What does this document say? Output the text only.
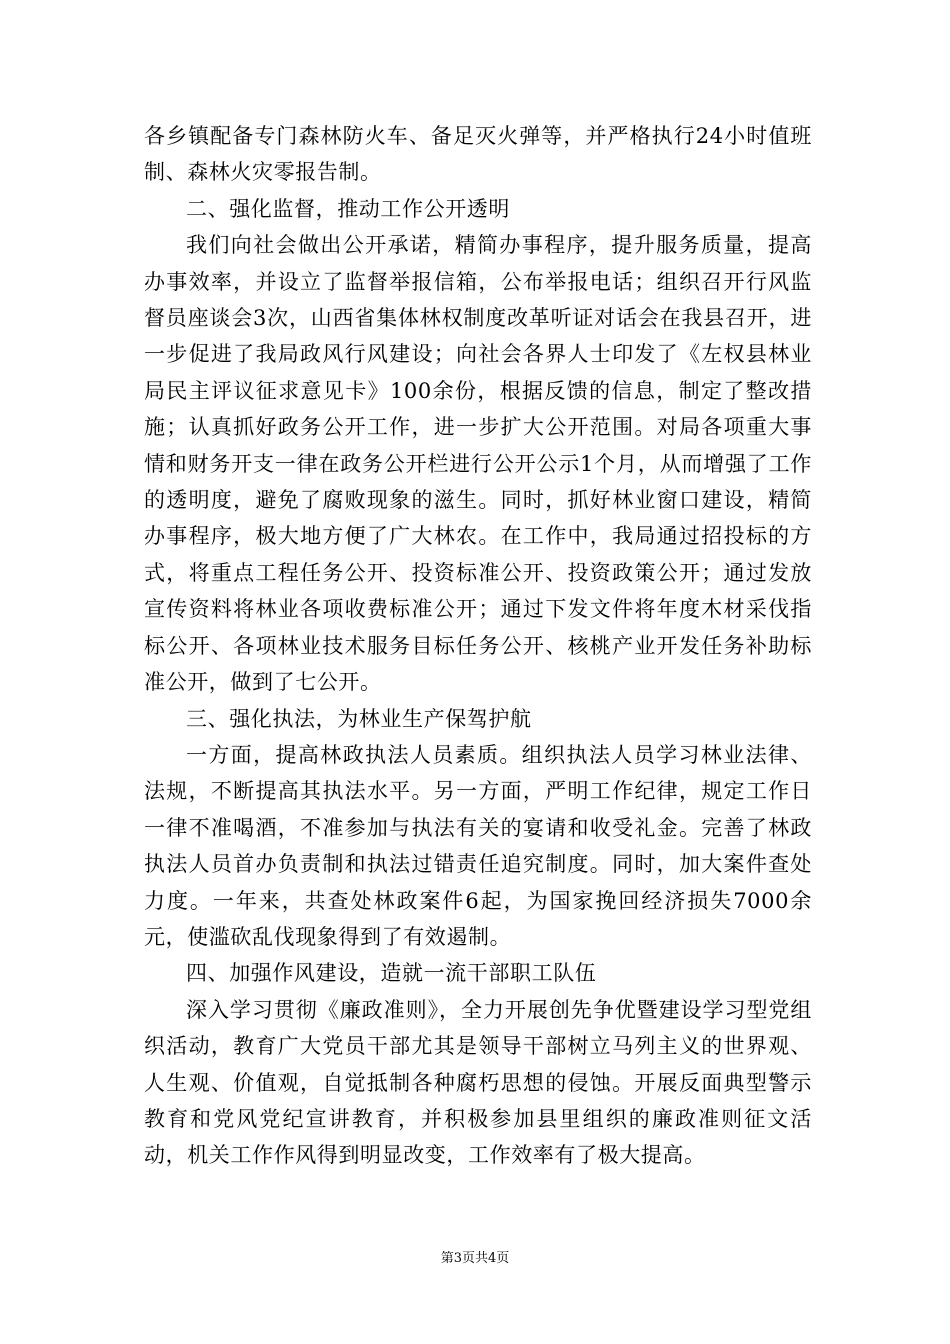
各乡镇配备专门森林防火车、备足灭火弹等，并严格执行24小时值班制、森林火灾零报告制。

二、强化监督，推动工作公开透明

我们向社会做出公开承诺，精简办事程序，提升服务质量，提高办事效率，并设立了监督举报信箱，公布举报电话；组织召开行风监督员座谈会3次，山西省集体林权制度改革听证对话会在我县召开，进一步促进了我局政风行风建设；向社会各界人士印发了《左权县林业局民主评议征求意见卡》100余份，根据反馈的信息，制定了整改措施；认真抓好政务公开工作，进一步扩大公开范围。对局各项重大事情和财务开支一律在政务公开栏进行公开公示1个月，从而增强了工作的透明度，避免了腐败现象的滋生。同时，抓好林业窗口建设，精简办事程序，极大地方便了广大林农。在工作中，我局通过招投标的方式，将重点工程任务公开、投资标准公开、投资政策公开；通过发放宣传资料将林业各项收费标准公开；通过下发文件将年度木材采伐指标公开、各项林业技术服务目标任务公开、核桃产业开发任务补助标准公开，做到了七公开。

三、强化执法，为林业生产保驾护航

一方面，提高林政执法人员素质。组织执法人员学习林业法律、法规，不断提高其执法水平。另一方面，严明工作纪律，规定工作日一律不准喝酒，不准参加与执法有关的宴请和收受礼金。完善了林政执法人员首办负责制和执法过错责任追究制度。同时，加大案件查处力度。一年来，共查处林政案件6起，为国家挽回经济损失7000余元，使滥砍乱伐现象得到了有效遏制。

四、加强作风建设，造就一流干部职工队伍

深入学习贯彻《廉政准则》，全力开展创先争优暨建设学习型党组织活动，教育广大党员干部尤其是领导干部树立马列主义的世界观、人生观、价值观，自觉抵制各种腐朽思想的侵蚀。开展反面典型警示教育和党风党纪宣讲教育，并积极参加县里组织的廉政准则征文活动，机关工作作风得到明显改变，工作效率有了极大提高。

第3页共4页
